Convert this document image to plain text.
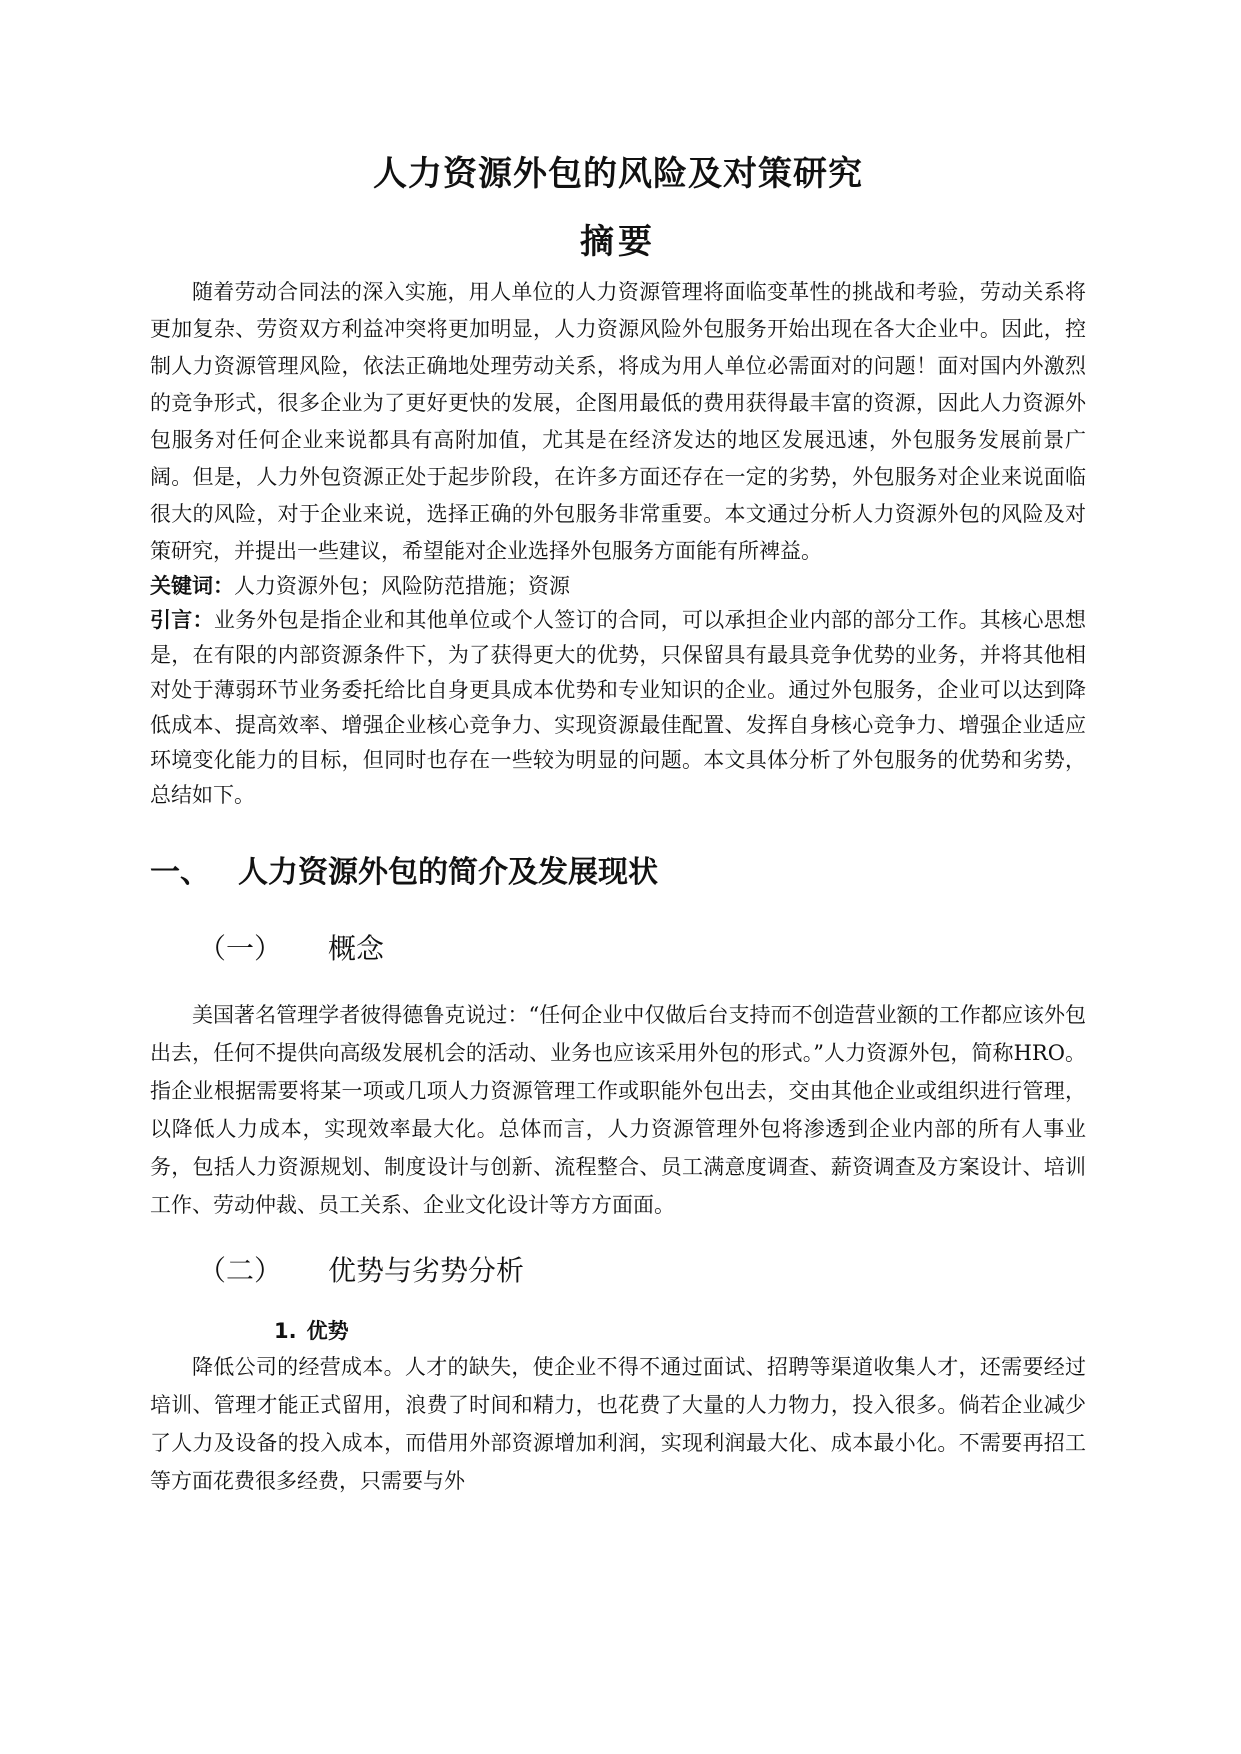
人力资源外包的风险及对策研究
摘要

随着劳动合同法的深入实施，用人单位的人力资源管理将面临变革性的挑战和考验，劳动关系将更加复杂、劳资双方利益冲突将更加明显，人力资源风险外包服务开始出现在各大企业中。因此，控制人力资源管理风险，依法正确地处理劳动关系，将成为用人单位必需面对的问题！面对国内外激烈的竞争形式，很多企业为了更好更快的发展，企图用最低的费用获得最丰富的资源，因此人力资源外包服务对任何企业来说都具有高附加值，尤其是在经济发达的地区发展迅速，外包服务发展前景广阔。但是，人力外包资源正处于起步阶段，在许多方面还存在一定的劣势，外包服务对企业来说面临很大的风险，对于企业来说，选择正确的外包服务非常重要。本文通过分析人力资源外包的风险及对策研究，并提出一些建议，希望能对企业选择外包服务方面能有所裨益。

关键词：人力资源外包；风险防范措施；资源

引言：业务外包是指企业和其他单位或个人签订的合同，可以承担企业内部的部分工作。其核心思想是，在有限的内部资源条件下，为了获得更大的优势，只保留具有最具竞争优势的业务，并将其他相对处于薄弱环节业务委托给比自身更具成本优势和专业知识的企业。通过外包服务，企业可以达到降低成本、提高效率、增强企业核心竞争力、实现资源最佳配置、发挥自身核心竞争力、增强企业适应环境变化能力的目标，但同时也存在一些较为明显的问题。本文具体分析了外包服务的优势和劣势，总结如下。

一、 人力资源外包的简介及发展现状
（一）	概念

美国著名管理学者彼得德鲁克说过：“任何企业中仅做后台支持而不创造营业额的工作都应该外包出去，任何不提供向高级发展机会的活动、业务也应该采用外包的形式。”人力资源外包，简称HRO。指企业根据需要将某一项或几项人力资源管理工作或职能外包出去，交由其他企业或组织进行管理，以降低人力成本，实现效率最大化。总体而言，人力资源管理外包将渗透到企业内部的所有人事业务，包括人力资源规划、制度设计与创新、流程整合、员工满意度调查、薪资调查及方案设计、培训工作、劳动仲裁、员工关系、企业文化设计等方方面面。

（二）	优势与劣势分析
1. 优势

降低公司的经营成本。人才的缺失，使企业不得不通过面试、招聘等渠道收集人才，还需要经过培训、管理才能正式留用，浪费了时间和精力，也花费了大量的人力物力，投入很多。倘若企业减少了人力及设备的投入成本，而借用外部资源增加利润，实现利润最大化、成本最小化。不需要再招工等方面花费很多经费，只需要与外
